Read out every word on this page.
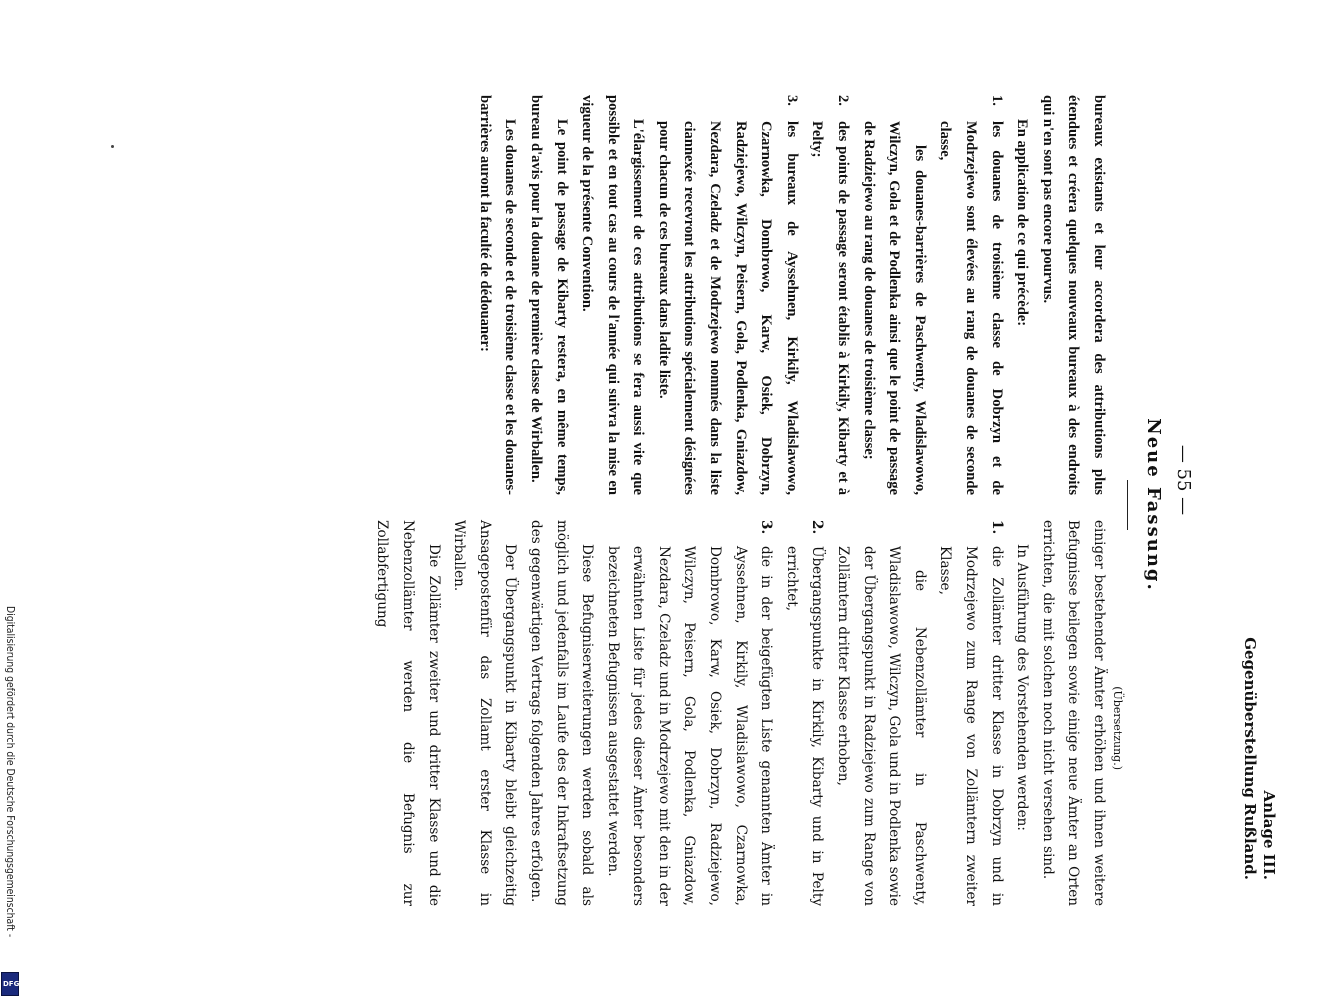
Anlage III.
Gegenüberstellung Rußland.
— 55 —
Neue Fassung.
(Übersetzung.)

einiger bestehender Ämter erhöhen und ihnen weitere Befugnisse beilegen sowie einige neue Ämter an Orten errichten, die mit solchen noch nicht versehen sind.

In Ausführung des Vorstehenden werden:

1.

die Zollämter dritter Klasse in Dobrzyn und in Modrzejewo zum Range von Zollämtern zweiter Klasse,

die Nebenzollämter in Paschwenty, Wladislawowo, Wilczyn, Gola und in Podlenka sowie der Übergangspunkt in Radziejewo zum Range von Zollämtern dritter Klasse erhoben,

2.

Übergangspunkte in Kirkily, Kibarty und in Pelty errichtet,

3.

die in der beigefügten Liste genannten Ämter in Ayssehnen, Kirkily, Wladislawowo, Czarnowka, Dombrowo, Karw, Osiek, Dobrzyn, Radziejewo, Wilczyn, Peisern, Gola, Podlenka, Gniazdow, Nezdara, Czeladz und in Modrzejewo mit den in der erwähnten Liste für jedes dieser Ämter besonders bezeichneten Befugnissen ausgestattet werden.

Diese Befugniserweiterungen werden sobald als möglich und jedenfalls im Laufe des der Inkraftsetzung des gegenwärtigen Vertrags folgenden Jahres erfolgen.

Der Übergangspunkt in Kibarty bleibt gleichzeitig Ansagepostenfür das Zollamt erster Klasse in Wirballen.

Die Zollämter zweiter und dritter Klasse und die Nebenzollämter werden die Befugnis zur Zollabfertigung

bureaux existants et leur accordera des attributions plus étendues et créera quelques nouveaux bureaux à des endroits qui n'en sont pas encore pourvus.

En application de ce qui précède:

1.

les douanes de troisième classe de Dobrzyn et de Modrzejewo sont élevées au rang de douanes de seconde classe,

les douanes-barrières de Paschwenty, Wladislawowo, Wilczyn, Gola et de Podlenka ainsi que le point de passage de Radziejewo au rang de douanes de troisième classe;

2.

des points de passage seront établis à Kirkily, Kibarty et à Pelty;

3.

les bureaux de Ayssehnen, Kirkily, Wladislawowo, Czarnowka, Dombrowo, Karw, Osiek, Dobrzyn, Radziejewo, Wilczyn, Peisern, Gola, Podlenka, Gniazdow, Nezdara, Czeladz et de Modrzejewo nommés dans la liste ciannexée recevront les attributions spécialement désignées pour chacun de ces bureaux dans ladite liste.

L'élargissement de ces attributions se fera aussi vite que possible et en tout cas au cours de l'année qui suivra la mise en vigueur de la présente Convention.

Le point de passage de Kibarty restera, en même temps, bureau d'avis pour la douane de première classe de Wirballen.

Les douanes de seconde et de troisième classe et les douanes-barrières auront la faculté de dédouaner:

Digitalisierung gefördert durch die Deutsche Forschungsgemeinschaft -
DFG
